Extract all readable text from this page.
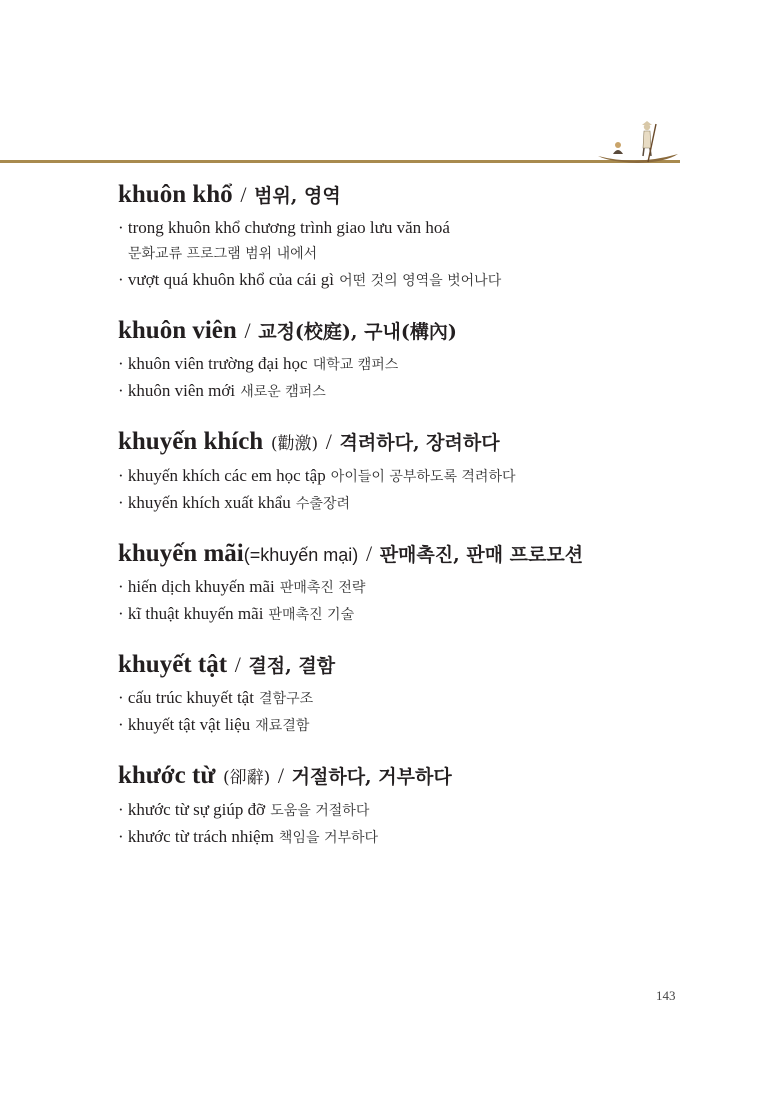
khuôn khổ / 범위, 영역
· trong khuôn khổ chương trình giao lưu văn hoá
문화교류 프로그램 범위 내에서
· vượt quá khuôn khổ của cái gì 어떤 것의 영역을 벗어나다
khuôn viên / 교정(校庭), 구내(構內)
· khuôn viên trường đại học 대학교 캠퍼스
· khuôn viên mới 새로운 캠퍼스
khuyến khích (勸激) / 격려하다, 장려하다
· khuyến khích các em học tập 아이들이 공부하도록 격려하다
· khuyến khích xuất khẩu 수출장려
khuyến mãi(=khuyến mại) / 판매촉진, 판매 프로모션
· hiến dịch khuyến mãi 판매촉진 전략
· kĩ thuật khuyến mãi 판매촉진 기술
khuyết tật / 결점, 결함
· cấu trúc khuyết tật 결함구조
· khuyết tật vật liệu 재료결함
khước từ (卻辭) / 거절하다, 거부하다
· khước từ sự giúp đỡ 도움을 거절하다
· khước từ trách nhiệm 책임을 거부하다
143
